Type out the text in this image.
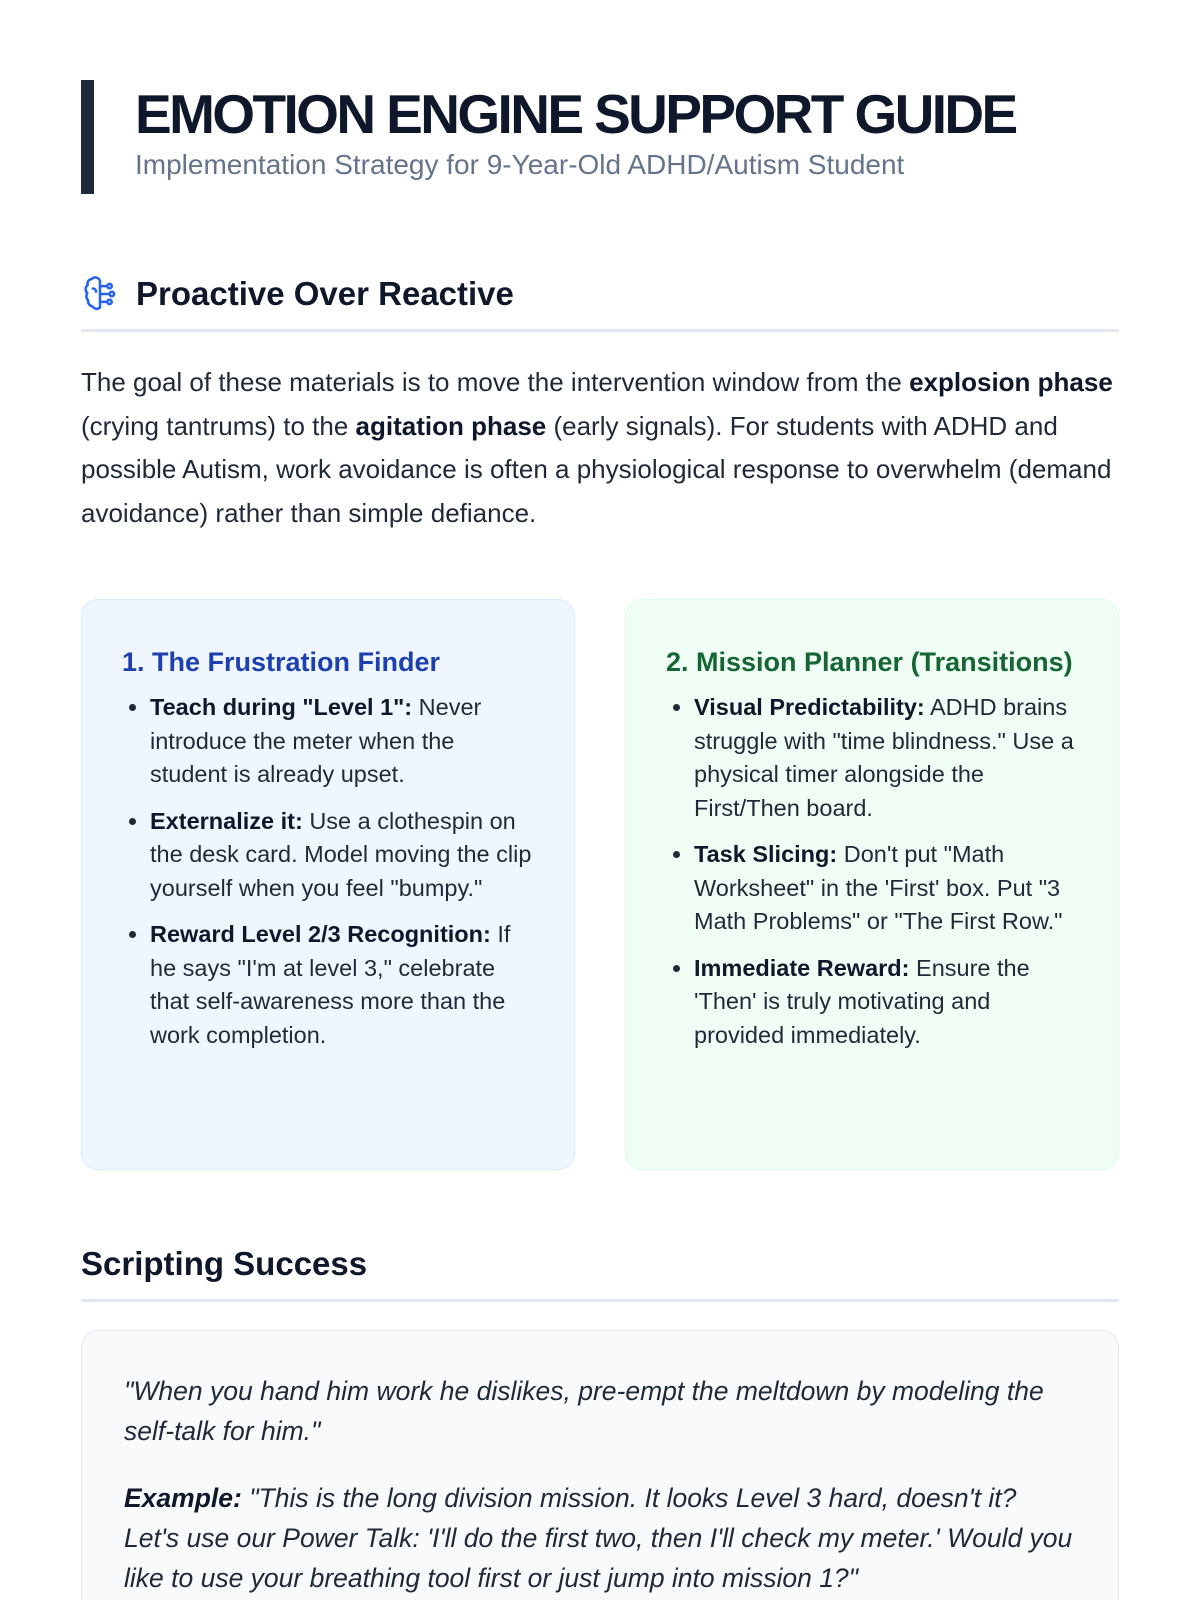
EMOTION ENGINE SUPPORT GUIDE
Implementation Strategy for 9-Year-Old ADHD/Autism Student
Proactive Over Reactive

The goal of these materials is to move the intervention window from the explosion phase (crying tantrums) to the agitation phase (early signals). For students with ADHD and possible Autism, work avoidance is often a physiological response to overwhelm (demand avoidance) rather than simple defiance.

1. The Frustration Finder
• Teach during "Level 1": Never introduce the meter when the student is already upset.
• Externalize it: Use a clothespin on the desk card. Model moving the clip yourself when you feel "bumpy."
• Reward Level 2/3 Recognition: If he says "I'm at level 3," celebrate that self-awareness more than the work completion.
2. Mission Planner (Transitions)
• Visual Predictability: ADHD brains struggle with "time blindness." Use a physical timer alongside the First/Then board.
• Task Slicing: Don't put "Math Worksheet" in the 'First' box. Put "3 Math Problems" or "The First Row."
• Immediate Reward: Ensure the 'Then' is truly motivating and provided immediately.
Scripting Success

"When you hand him work he dislikes, pre-empt the meltdown by modeling the self-talk for him."

Example: "This is the long division mission. It looks Level 3 hard, doesn't it? Let's use our Power Talk: 'I'll do the first two, then I'll check my meter.' Would you like to use your breathing tool first or just jump into mission 1?"
